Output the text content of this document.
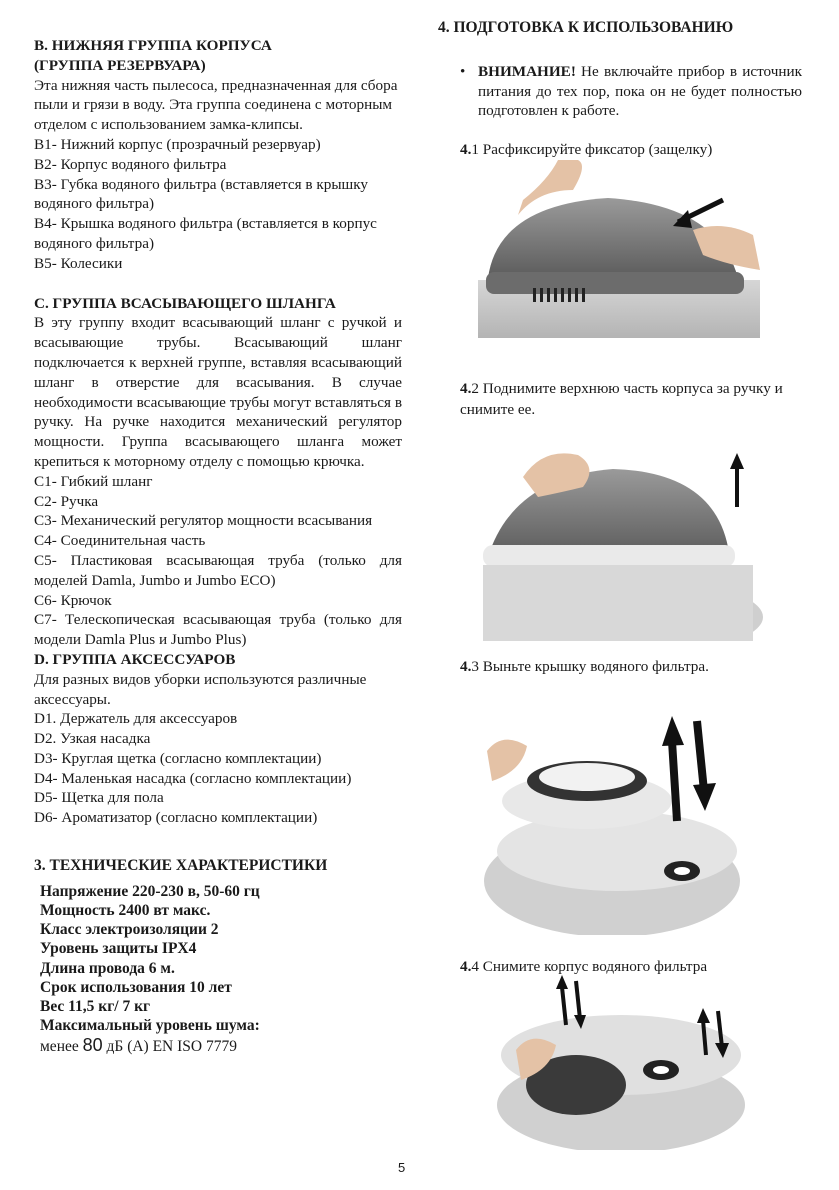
B. НИЖНЯЯ ГРУППА КОРПУСА
(ГРУППА РЕЗЕРВУАРА)

Эта нижняя часть пылесоса, предназначенная для сбора пыли и грязи в воду. Эта группа соединена с моторным отделом с использованием замка-клипсы.

B1- Нижний корпус (прозрачный резервуар)
B2- Корпус водяного фильтра
B3- Губка водяного фильтра (вставляется в крышку водяного фильтра)
B4- Крышка водяного фильтра (вставляется в корпус водяного фильтра)
B5- Колесики
C. ГРУППА ВСАСЫВАЮЩЕГО ШЛАНГА

В эту группу входит всасывающий шланг с ручкой и всасывающие трубы. Всасывающий шланг подключается к верхней группе, вставляя всасывающий шланг в отверстие для всасывания. В случае необходимости всасывающие трубы могут вставляться в ручку. На ручке находится механический регулятор мощности. Группа всасывающего шланга может крепиться к моторному отделу с помощью крючка.

C1- Гибкий шланг
C2- Ручка
C3- Механический регулятор мощности всасывания
C4- Соединительная часть
C5- Пластиковая всасывающая труба (только для моделей Damla, Jumbo и Jumbo ECO)
C6- Крючок
C7- Телескопическая всасывающая труба (только для модели Damla Plus и Jumbo Plus)
D. ГРУППА АКСЕССУАРОВ

Для разных видов уборки используются различные аксессуары.

D1. Держатель для аксессуаров
D2. Узкая насадка
D3- Круглая щетка (согласно комплектации)
D4- Маленькая насадка (согласно комплектации)
D5- Щетка для пола
D6- Ароматизатор (согласно комплектации)
3. ТЕХНИЧЕСКИЕ ХАРАКТЕРИСТИКИ
Напряжение 220-230 в, 50-60 гц
Мощность 2400 вт макс.
Класс электроизоляции 2
Уровень защиты IPX4
Длина провода 6 м.
Срок использования 10 лет
Вес 11,5 кг/ 7 кг
Максимальный уровень шума:
менее 80 дБ (А) EN ISO 7779
4. ПОДГОТОВКА К ИСПОЛЬЗОВАНИЮ
• ВНИМАНИЕ! Не включайте прибор в источник питания до тех пор, пока он не будет полностью подготовлен к работе.
4.1 Расфиксируйте фиксатор (защелку)
4.2 Поднимите верхнюю часть корпуса за ручку и снимите ее.
4.3 Выньте крышку водяного фильтра.
4.4 Снимите корпус водяного фильтра
5
